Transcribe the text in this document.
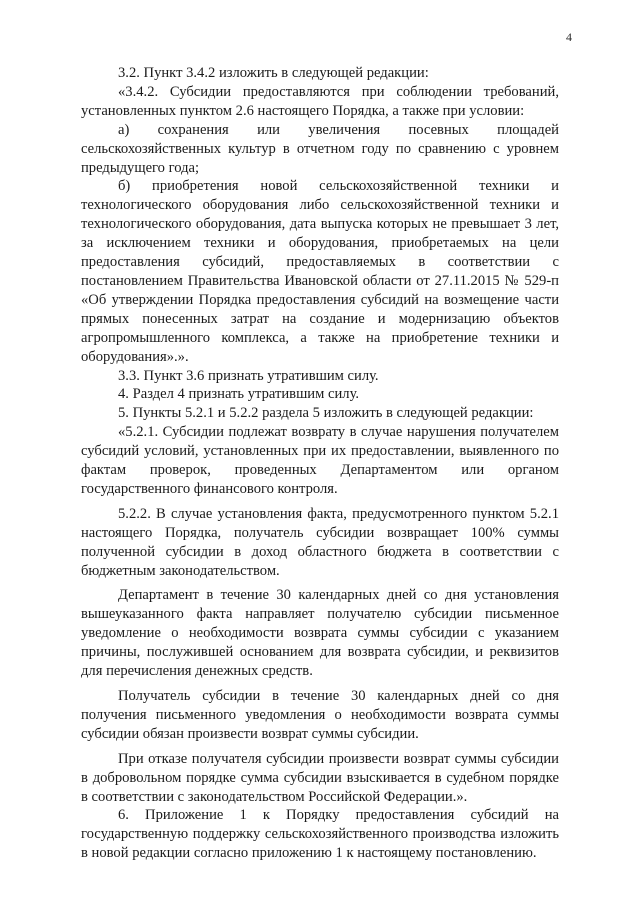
4

3.2. Пункт 3.4.2 изложить в следующей редакции:

«3.4.2. Субсидии предоставляются при соблюдении требований, установленных пунктом 2.6 настоящего Порядка, а также при условии:

а) сохранения или увеличения посевных площадей сельскохозяйственных культур в отчетном году по сравнению с уровнем предыдущего года;

б) приобретения новой сельскохозяйственной техники и технологического оборудования либо сельскохозяйственной техники и технологического оборудования, дата выпуска которых не превышает 3 лет, за исключением техники и оборудования, приобретаемых на цели предоставления субсидий, предоставляемых в соответствии с постановлением Правительства Ивановской области от 27.11.2015 № 529-п «Об утверждении Порядка предоставления субсидий на возмещение части прямых понесенных затрат на создание и модернизацию объектов агропромышленного комплекса, а также на приобретение техники и оборудования».».

3.3. Пункт 3.6 признать утратившим силу.

4. Раздел 4 признать утратившим силу.

5. Пункты 5.2.1 и 5.2.2 раздела 5 изложить в следующей редакции:

«5.2.1. Субсидии подлежат возврату в случае нарушения получателем субсидий условий, установленных при их предоставлении, выявленного по фактам проверок, проведенных Департаментом или органом государственного финансового контроля.

5.2.2. В случае установления факта, предусмотренного пунктом 5.2.1 настоящего Порядка, получатель субсидии возвращает 100% суммы полученной субсидии в доход областного бюджета в соответствии с бюджетным законодательством.

Департамент в течение 30 календарных дней со дня установления вышеуказанного факта направляет получателю субсидии письменное уведомление о необходимости возврата суммы субсидии с указанием причины, послужившей основанием для возврата субсидии, и реквизитов для перечисления денежных средств.

Получатель субсидии в течение 30 календарных дней со дня получения письменного уведомления о необходимости возврата суммы субсидии обязан произвести возврат суммы субсидии.

При отказе получателя субсидии произвести возврат суммы субсидии в добровольном порядке сумма субсидии взыскивается в судебном порядке в соответствии с законодательством Российской Федерации.».

6. Приложение 1 к Порядку предоставления субсидий на государственную поддержку сельскохозяйственного производства изложить в новой редакции согласно приложению 1 к настоящему постановлению.
